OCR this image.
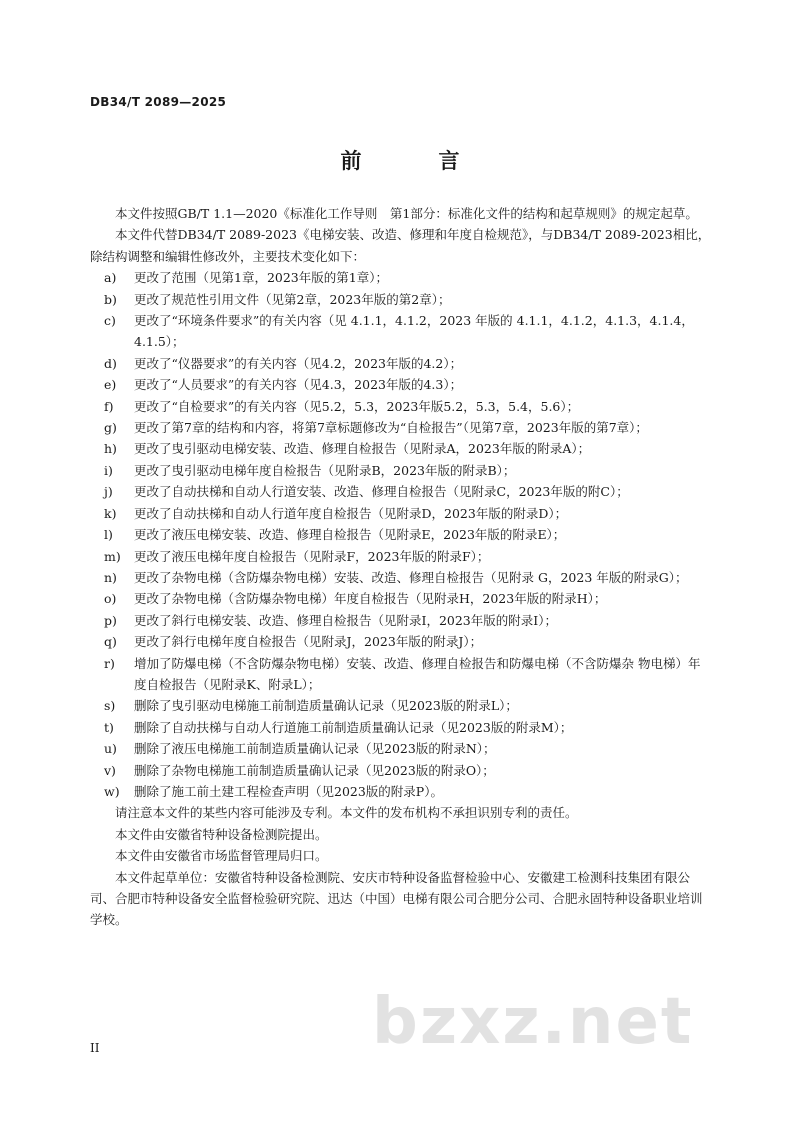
DB34/T 2089—2025
前　言
本文件按照GB/T 1.1—2020《标准化工作导则　第1部分：标准化文件的结构和起草规则》的规定起草。
本文件代替DB34/T 2089-2023《电梯安装、改造、修理和年度自检规范》，与DB34/T 2089-2023相比，除结构调整和编辑性修改外，主要技术变化如下：
a)	更改了范围（见第1章，2023年版的第1章）；
b)	更改了规范性引用文件（见第2章，2023年版的第2章）；
c)	更改了“环境条件要求”的有关内容（见 4.1.1，4.1.2，2023 年版的 4.1.1，4.1.2，4.1.3，4.1.4，4.1.5）；
d)	更改了“仪器要求”的有关内容（见4.2，2023年版的4.2）；
e)	更改了“人员要求”的有关内容（见4.3，2023年版的4.3）；
f)	更改了“自检要求”的有关内容（见5.2，5.3，2023年版5.2，5.3，5.4，5.6）；
g)	更改了第7章的结构和内容，将第7章标题修改为“自检报告”（见第7章，2023年版的第7章）；
h)	更改了曳引驱动电梯安装、改造、修理自检报告（见附录A，2023年版的附录A）；
i)	更改了曳引驱动电梯年度自检报告（见附录B，2023年版的附录B）；
j)	更改了自动扶梯和自动人行道安装、改造、修理自检报告（见附录C，2023年版的附C）；
k)	更改了自动扶梯和自动人行道年度自检报告（见附录D，2023年版的附录D）；
l)	更改了液压电梯安装、改造、修理自检报告（见附录E，2023年版的附录E）；
m)	更改了液压电梯年度自检报告（见附录F，2023年版的附录F）；
n)	更改了杂物电梯（含防爆杂物电梯）安装、改造、修理自检报告（见附录 G，2023 年版的附录G）；
o)	更改了杂物电梯（含防爆杂物电梯）年度自检报告（见附录H，2023年版的附录H）；
p)	更改了斜行电梯安装、改造、修理自检报告（见附录I，2023年版的附录I）；
q)	更改了斜行电梯年度自检报告（见附录J，2023年版的附录J）；
r)	增加了防爆电梯（不含防爆杂物电梯）安装、改造、修理自检报告和防爆电梯（不含防爆杂 物电梯）年度自检报告（见附录K、附录L）；
s)	删除了曳引驱动电梯施工前制造质量确认记录（见2023版的附录L）；
t)	删除了自动扶梯与自动人行道施工前制造质量确认记录（见2023版的附录M）；
u)	删除了液压电梯施工前制造质量确认记录（见2023版的附录N）；
v)	删除了杂物电梯施工前制造质量确认记录（见2023版的附录O）；
w)	删除了施工前土建工程检查声明（见2023版的附录P）。
请注意本文件的某些内容可能涉及专利。本文件的发布机构不承担识别专利的责任。
本文件由安徽省特种设备检测院提出。
本文件由安徽省市场监督管理局归口。
本文件起草单位：安徽省特种设备检测院、安庆市特种设备监督检验中心、安徽建工检测科技集团有限公司、合肥市特种设备安全监督检验研究院、迅达（中国）电梯有限公司合肥分公司、合肥永固特种设备职业培训学校。
bzxz.net
II
